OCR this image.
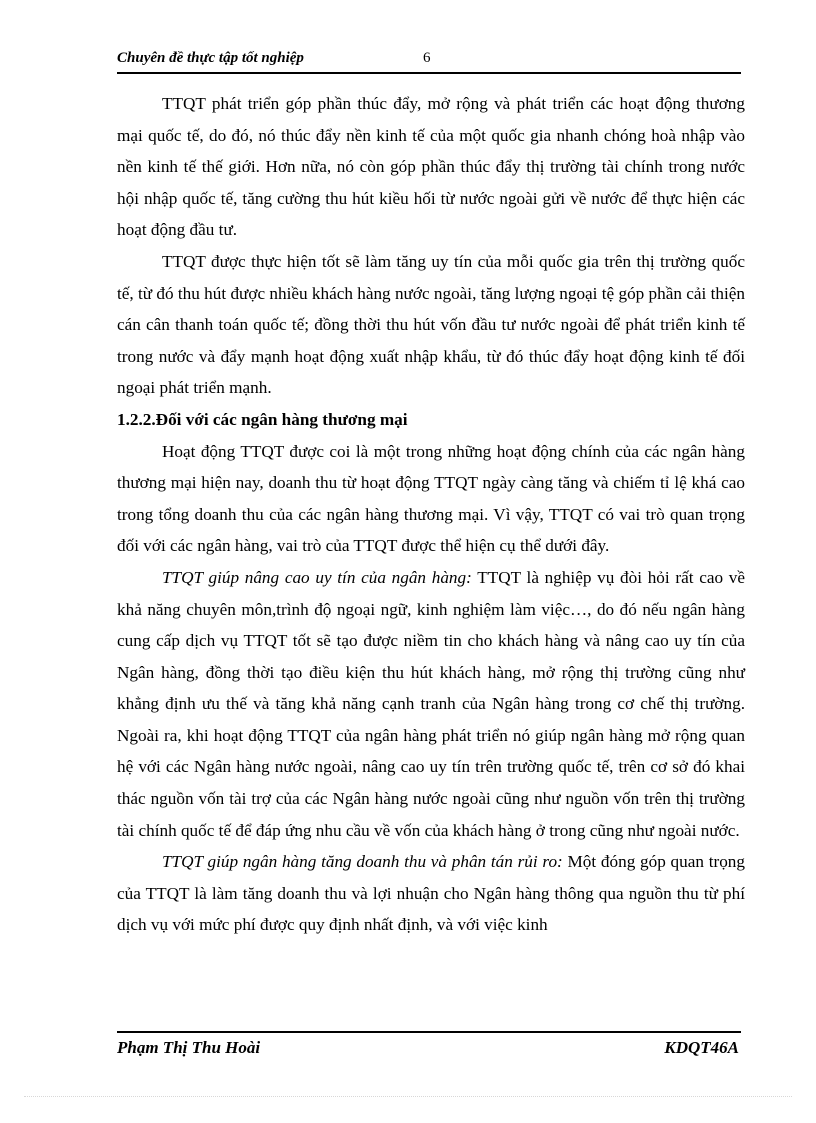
Chuyên đề thực tập tốt nghiệp	6

TTQT phát triển góp phần thúc đẩy, mở rộng và phát triển các hoạt động thương mại quốc tế, do đó, nó thúc đẩy nền kinh tế của một quốc gia nhanh chóng hoà nhập vào nền kinh tế thế giới. Hơn nữa, nó còn góp phần thúc đẩy thị trường tài chính trong nước hội nhập quốc tế, tăng cường thu hút kiều hối từ nước ngoài gửi về nước để thực hiện các hoạt động đầu tư.

TTQT được thực hiện tốt sẽ làm tăng uy tín của mỗi quốc gia trên thị trường quốc tế, từ đó thu hút được nhiều khách hàng nước ngoài, tăng lượng ngoại tệ góp phần cải thiện cán cân thanh toán quốc tế; đồng thời thu hút vốn đầu tư nước ngoài để phát triển kinh tế trong nước và đẩy mạnh hoạt động xuất nhập khẩu, từ đó thúc đẩy hoạt động kinh tế đối ngoại phát triển mạnh.

1.2.2.Đối với các ngân hàng thương mại

Hoạt động TTQT được coi là một trong những hoạt động chính của các ngân hàng thương mại hiện nay, doanh thu từ hoạt động TTQT ngày càng tăng và chiếm tỉ lệ khá cao trong tổng doanh thu của các ngân hàng thương mại. Vì vậy, TTQT có vai trò quan trọng đối với các ngân hàng, vai trò của TTQT được thể hiện cụ thể dưới đây.

TTQT giúp nâng cao uy tín của ngân hàng: TTQT là nghiệp vụ đòi hỏi rất cao về khả năng chuyên môn,trình độ ngoại ngữ, kinh nghiệm làm việc…, do đó nếu ngân hàng cung cấp dịch vụ TTQT tốt sẽ tạo được niềm tin cho khách hàng và nâng cao uy tín của Ngân hàng, đồng thời tạo điều kiện thu hút khách hàng, mở rộng thị trường cũng như khẳng định ưu thế và tăng khả năng cạnh tranh của Ngân hàng trong cơ chế thị trường. Ngoài ra, khi hoạt động TTQT của ngân hàng phát triển nó giúp ngân hàng mở rộng quan hệ với các Ngân hàng nước ngoài, nâng cao uy tín trên trường quốc tế, trên cơ sở đó khai thác nguồn vốn tài trợ của các Ngân hàng nước ngoài cũng như nguồn vốn trên thị trường tài chính quốc tế để đáp ứng nhu cầu về vốn của khách hàng ở trong cũng như ngoài nước.

TTQT giúp ngân hàng tăng doanh thu và phân tán rủi ro: Một đóng góp quan trọng của TTQT là làm tăng doanh thu và lợi nhuận cho Ngân hàng thông qua nguồn thu từ phí dịch vụ với mức phí được quy định nhất định, và với việc kinh

Phạm Thị Thu Hoài	KDQT46A
